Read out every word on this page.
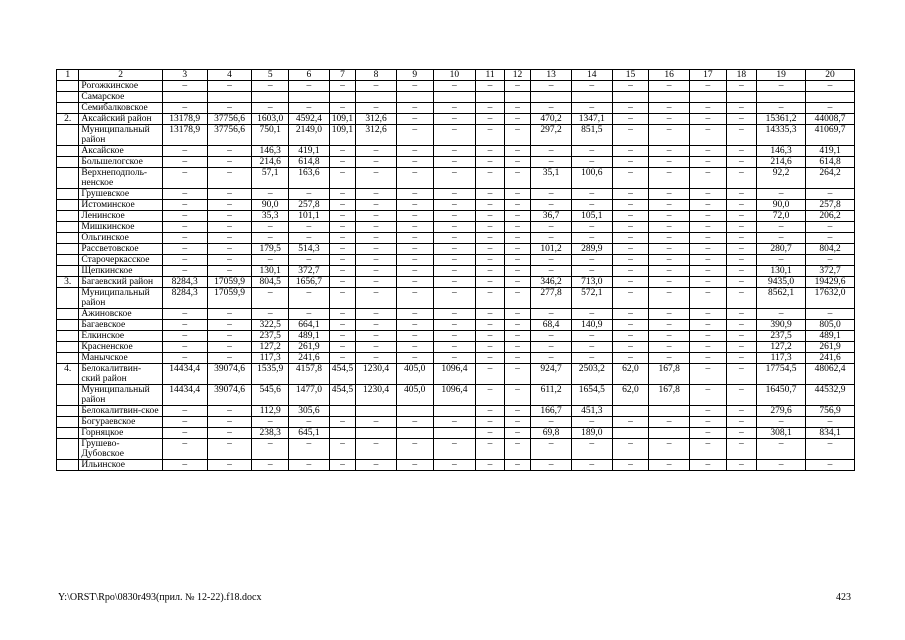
1	2	3	4	5	6	7	8	9	10	11	12	13	14	15	16	17	18	19	20
	Рогожкинское	–	–	–	–	–	–	–	–	–	–	–	–	–	–	–	–	–	–
	Самарское																		
	Семибалковское	–	–	–	–	–	–	–	–	–	–	–	–	–	–	–	–	–	–
2.	Аксайский район	13178,9	37756,6	1603,0	4592,4	109,1	312,6	–	–	–	–	470,2	1347,1	–	–	–	–	15361,2	44008,7
	Муниципальный район	13178,9	37756,6	750,1	2149,0	109,1	312,6	–	–	–	–	297,2	851,5	–	–	–	–	14335,3	41069,7
	Аксайское	–	–	146,3	419,1	–	–	–	–	–	–	–	–	–	–	–	–	146,3	419,1
	Большелогское	–	–	214,6	614,8	–	–	–	–	–	–	–	–	–	–	–	–	214,6	614,8
	Верхнеподполь-ненское	–	–	57,1	163,6	–	–	–	–	–	–	35,1	100,6	–	–	–	–	92,2	264,2
	Грушевское	–	–	–	–	–	–	–	–	–	–	–	–	–	–	–	–	–	–
	Истоминское	–	–	90,0	257,8	–	–	–	–	–	–	–	–	–	–	–	–	90,0	257,8
	Ленинское	–	–	35,3	101,1	–	–	–	–	–	–	36,7	105,1	–	–	–	–	72,0	206,2
	Мишкинское	–	–	–	–	–	–	–	–	–	–	–	–	–	–	–	–	–	–
	Ольгинское	–	–	–	–	–	–	–	–	–	–	–	–	–	–	–	–	–	–
	Рассветовское	–	–	179,5	514,3	–	–	–	–	–	–	101,2	289,9	–	–	–	–	280,7	804,2
	Старочеркасское	–	–	–	–	–	–	–	–	–	–	–	–	–	–	–	–	–	–
	Щепкинское	–	–	130,1	372,7	–	–	–	–	–	–	–	–	–	–	–	–	130,1	372,7
3.	Багаевский район	8284,3	17059,9	804,5	1656,7	–	–	–	–	–	–	346,2	713,0	–	–	–	–	9435,0	19429,6
	Муниципальный район	8284,3	17059,9	–	–	–	–	–	–	–	–	277,8	572,1	–	–	–	–	8562,1	17632,0
	Ажиновское	–	–	–	–	–	–	–	–	–	–	–	–	–	–	–	–	–	–
	Багаевское	–	–	322,5	664,1	–	–	–	–	–	–	68,4	140,9	–	–	–	–	390,9	805,0
	Елкинское	–	–	237,5	489,1	–	–	–	–	–	–	–	–	–	–	–	–	237,5	489,1
	Красненское	–	–	127,2	261,9	–	–	–	–	–	–	–	–	–	–	–	–	127,2	261,9
	Манычское	–	–	117,3	241,6	–	–	–	–	–	–	–	–	–	–	–	–	117,3	241,6
4.	Белокалитвин-ский район	14434,4	39074,6	1535,9	4157,8	454,5	1230,4	405,0	1096,4	–	–	924,7	2503,2	62,0	167,8	–	–	17754,5	48062,4
	Муниципальный район	14434,4	39074,6	545,6	1477,0	454,5	1230,4	405,0	1096,4	–	–	611,2	1654,5	62,0	167,8	–	–	16450,7	44532,9
	Белокалитвин-ское	–	–	112,9	305,6					–	–	166,7	451,3			–	–	279,6	756,9
	Богураевское	–	–	–	–	–	–	–	–	–	–	–	–	–	–	–	–	–	–
	Горняцкое	–	–	238,3	645,1					–	–	69,8	189,0			–	–	308,1	834,1
	Грушево-Дубовское	–	–	–	–	–	–	–	–	–	–	–	–	–	–	–	–	–	–
	Ильинское	–	–	–	–	–	–	–	–	–	–	–	–	–	–	–	–	–	–
Y:\ORST\Rpo\0830r493(прил. № 12-22).f18.docx	423
